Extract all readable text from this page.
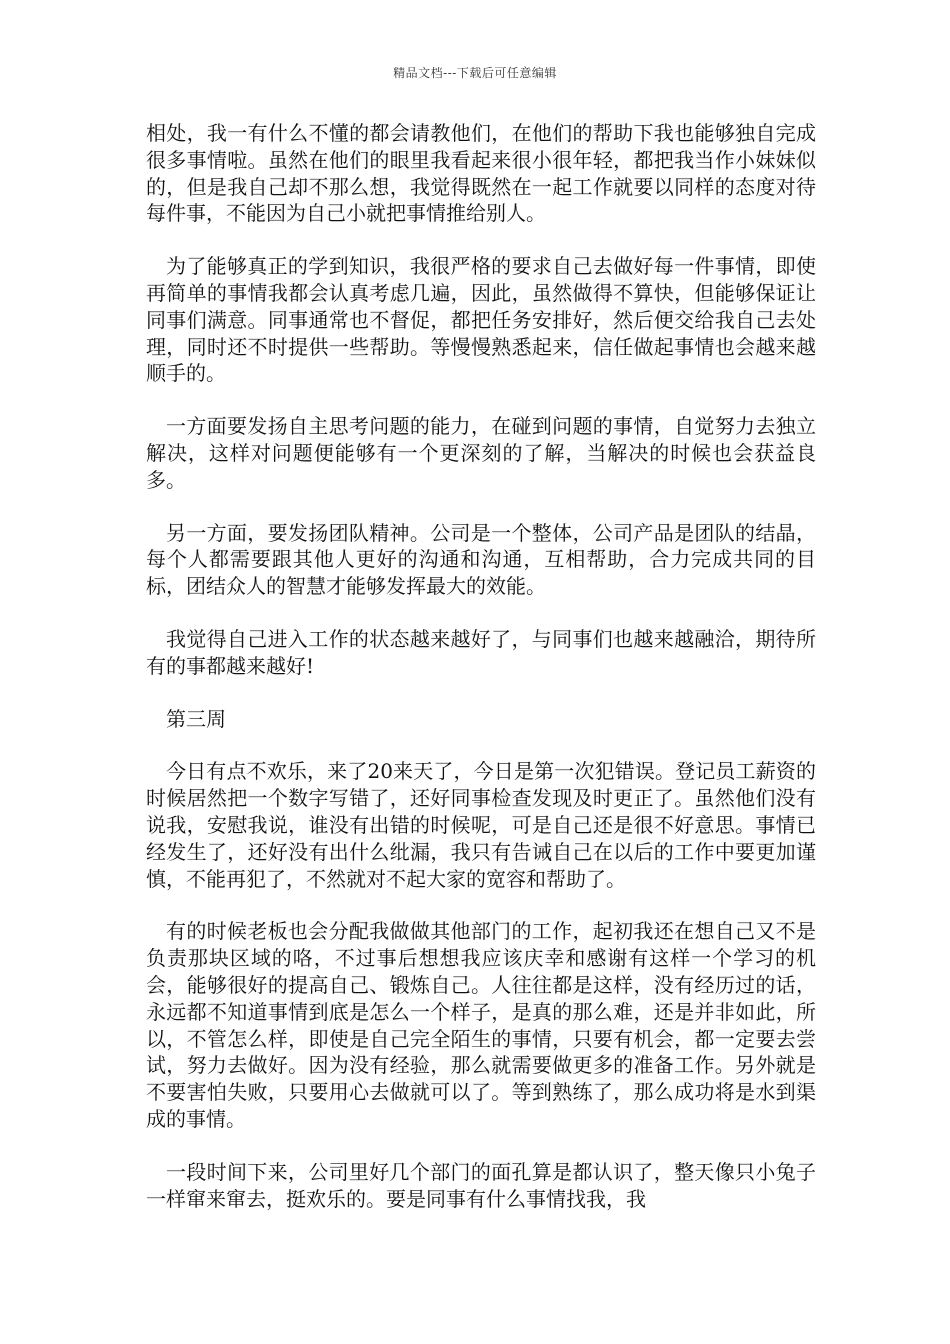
精品文档---下载后可任意编辑

相处，我一有什么不懂的都会请教他们，在他们的帮助下我也能够独自完成很多事情啦。虽然在他们的眼里我看起来很小很年轻，都把我当作小妹妹似的，但是我自己却不那么想，我觉得既然在一起工作就要以同样的态度对待每件事，不能因为自己小就把事情推给别人。

为了能够真正的学到知识，我很严格的要求自己去做好每一件事情，即使再简单的事情我都会认真考虑几遍，因此，虽然做得不算快，但能够保证让同事们满意。同事通常也不督促，都把任务安排好，然后便交给我自己去处理，同时还不时提供一些帮助。等慢慢熟悉起来，信任做起事情也会越来越顺手的。

一方面要发扬自主思考问题的能力，在碰到问题的事情，自觉努力去独立解决，这样对问题便能够有一个更深刻的了解，当解决的时候也会获益良多。

另一方面，要发扬团队精神。公司是一个整体，公司产品是团队的结晶，每个人都需要跟其他人更好的沟通和沟通，互相帮助，合力完成共同的目标，团结众人的智慧才能够发挥最大的效能。

我觉得自己进入工作的状态越来越好了，与同事们也越来越融洽，期待所有的事都越来越好!

第三周

今日有点不欢乐，来了20来天了，今日是第一次犯错误。登记员工薪资的时候居然把一个数字写错了，还好同事检查发现及时更正了。虽然他们没有说我，安慰我说，谁没有出错的时候呢，可是自己还是很不好意思。事情已经发生了，还好没有出什么纰漏，我只有告诫自己在以后的工作中要更加谨慎，不能再犯了，不然就对不起大家的宽容和帮助了。

有的时候老板也会分配我做做其他部门的工作，起初我还在想自己又不是负责那块区域的咯，不过事后想想我应该庆幸和感谢有这样一个学习的机会，能够很好的提高自己、锻炼自己。人往往都是这样，没有经历过的话，永远都不知道事情到底是怎么一个样子，是真的那么难，还是并非如此，所以，不管怎么样，即使是自己完全陌生的事情，只要有机会，都一定要去尝试，努力去做好。因为没有经验，那么就需要做更多的准备工作。另外就是不要害怕失败，只要用心去做就可以了。等到熟练了，那么成功将是水到渠成的事情。

一段时间下来，公司里好几个部门的面孔算是都认识了，整天像只小兔子一样窜来窜去，挺欢乐的。要是同事有什么事情找我，我
